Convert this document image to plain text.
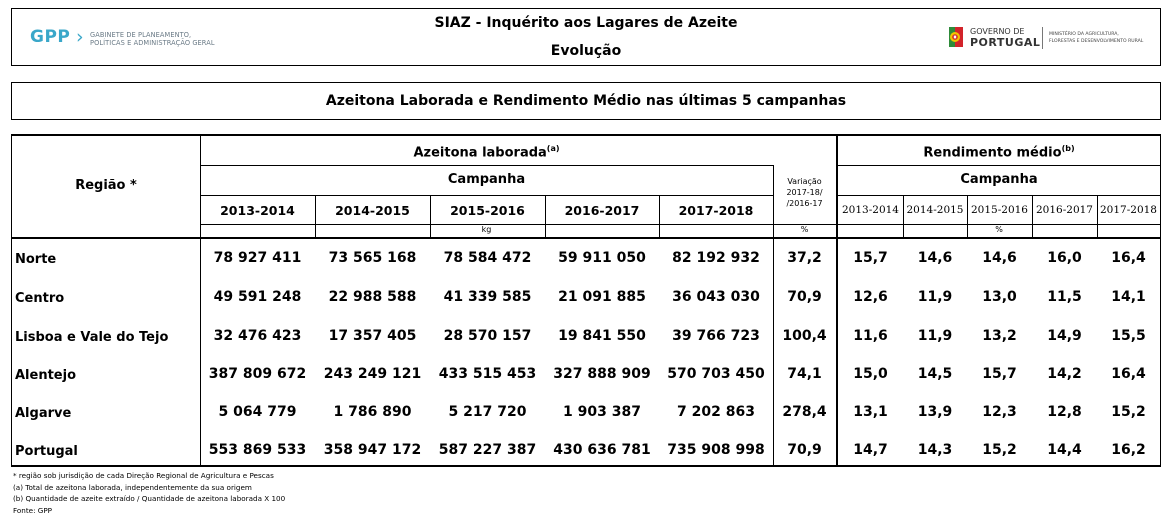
GPP › GABINETE DE PLANEAMENTO,
POLÍTICAS E ADMINISTRAÇÃO GERAL
SIAZ - Inquérito aos Lagares de Azeite
Evolução
GOVERNO DE
PORTUGAL
MINISTÉRIO DA AGRICULTURA,
FLORESTAS E DESENVOLVIMENTO RURAL
Azeitona Laborada e Rendimento Médio nas últimas 5 campanhas
Região *
Azeitona laborada$^{(a)}$	Rendimento médio$^{(b)}$
Campanha	Campanha
Variação
2017-18/
/2016-17
kg	%	%
2013-2014	2014-2015	2015-2016	2016-2017	2017-2018	2013-2014 2014-2015 2015-2016 2016-2017 2017-2018
Norte	78 927 411	73 565 168	78 584 472	59 911 050	82 192 932	37,2	15,7	14,6	14,6	16,0	16,4
Centro	49 591 248	22 988 588	41 339 585	21 091 885	36 043 030	70,9	12,6	11,9	13,0	11,5	14,1
Lisboa e Vale do Tejo	32 476 423	17 357 405	28 570 157	19 841 550	39 766 723	100,4	11,6	11,9	13,2	14,9	15,5
Alentejo	387 809 672	243 249 121	433 515 453	327 888 909	570 703 450	74,1	15,0	14,5	15,7	14,2	16,4
Algarve	5 064 779	1 786 890	5 217 720	1 903 387	7 202 863	278,4	13,1	13,9	12,3	12,8	15,2
Portugal	553 869 533	358 947 172	587 227 387	430 636 781	735 908 998	70,9	14,7	14,3	15,2	14,4	16,2
* região sob jurisdição de cada Direção Regional de Agricultura e Pescas
(a) Total de azeitona laborada, independentemente da sua origem
(b) Quantidade de azeite extraído / Quantidade de azeitona laborada X 100
Fonte: GPP
